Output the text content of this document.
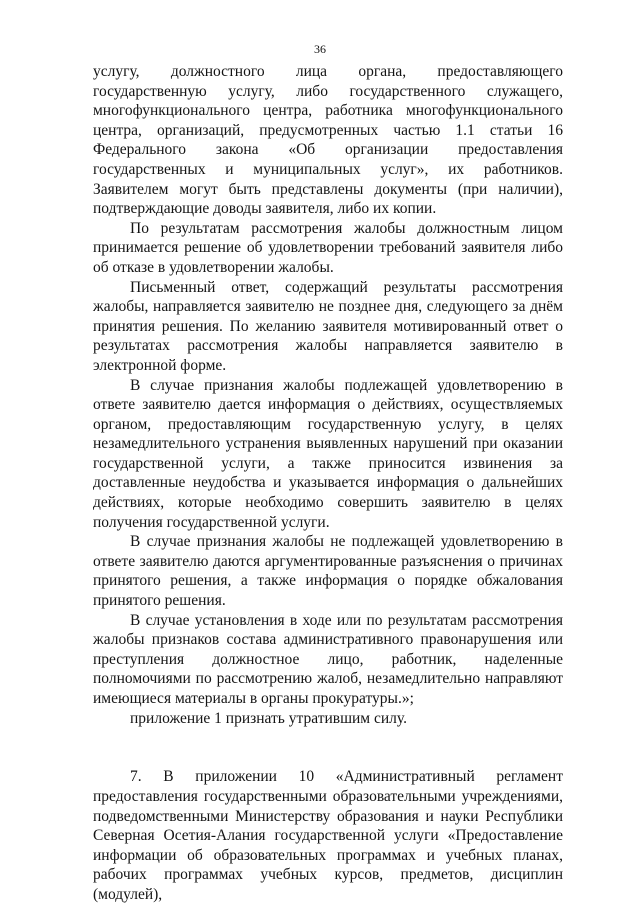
36

услугу, должностного лица органа, предоставляющего государственную услугу, либо государственного служащего, многофункционального центра, работника многофункционального центра, организаций, предусмотренных частью 1.1 статьи 16 Федерального закона «Об организации предоставления государственных и муниципальных услуг», их работников. Заявителем могут быть представлены документы (при наличии), подтверждающие доводы заявителя, либо их копии.

По результатам рассмотрения жалобы должностным лицом принимается решение об удовлетворении требований заявителя либо об отказе в удовлетворении жалобы.

Письменный ответ, содержащий результаты рассмотрения жалобы, направляется заявителю не позднее дня, следующего за днём принятия решения. По желанию заявителя мотивированный ответ о результатах рассмотрения жалобы направляется заявителю в электронной форме.

В случае признания жалобы подлежащей удовлетворению в ответе заявителю дается информация о действиях, осуществляемых органом, предоставляющим государственную услугу, в целях незамедлительного устранения выявленных нарушений при оказании государственной услуги, а также приносится извинения за доставленные неудобства и указывается информация о дальнейших действиях, которые необходимо совершить заявителю в целях получения государственной услуги.

В случае признания жалобы не подлежащей удовлетворению в ответе заявителю даются аргументированные разъяснения о причинах принятого решения, а также информация о порядке обжалования принятого решения.

В случае установления в ходе или по результатам рассмотрения жалобы признаков состава административного правонарушения или преступления должностное лицо, работник, наделенные полномочиями по рассмотрению жалоб, незамедлительно направляют имеющиеся материалы в органы прокуратуры.»;

приложение 1 признать утратившим силу.

7. В приложении 10 «Административный регламент предоставления государственными образовательными учреждениями, подведомственными Министерству образования и науки Республики Северная Осетия-Алания государственной услуги «Предоставление информации об образовательных программах и учебных планах, рабочих программах учебных курсов, предметов, дисциплин (модулей),
